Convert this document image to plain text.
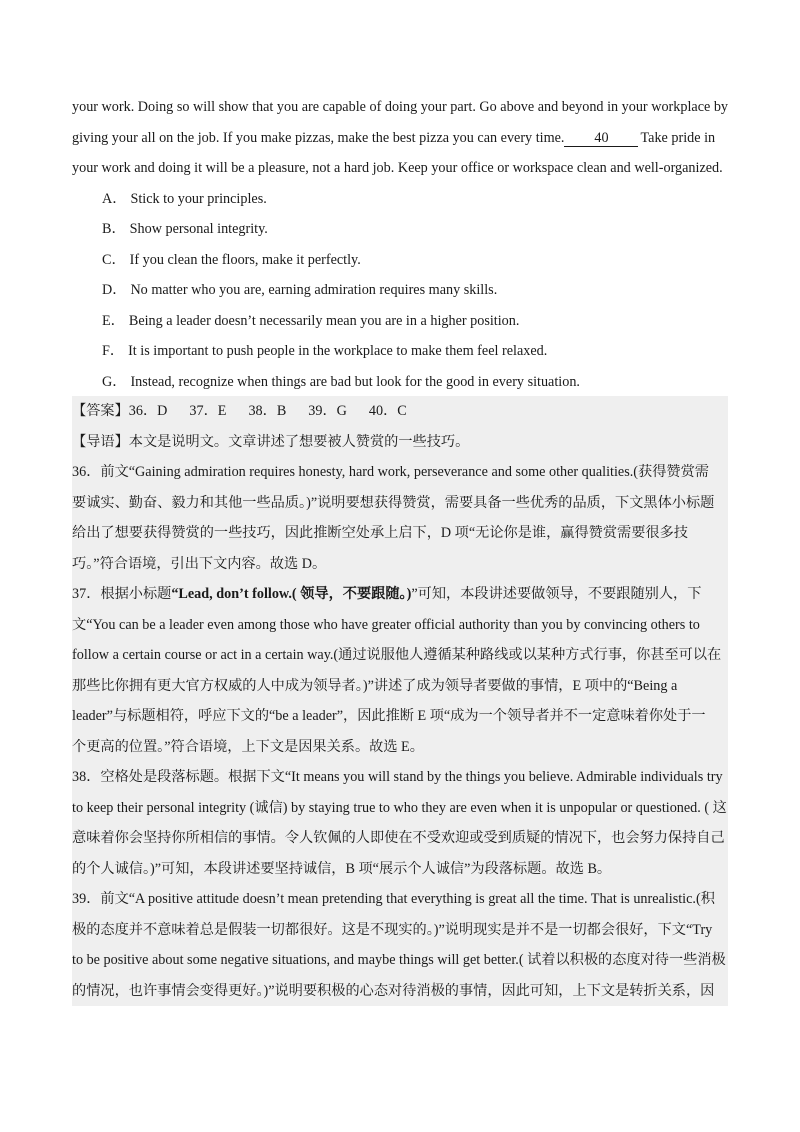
your work. Doing so will show that you are capable of doing your part. Go above and beyond in your workplace by
giving your all on the job. If you make pizzas, make the best pizza you can every time. 40 Take pride in
your work and doing it will be a pleasure, not a hard job. Keep your office or workspace clean and well-organized.
A． Stick to your principles.
B． Show personal integrity.
C． If you clean the floors, make it perfectly.
D． No matter who you are, earning admiration requires many skills.
E． Being a leader doesn’t necessarily mean you are in a higher position.
F． It is important to push people in the workplace to make them feel relaxed.
G． Instead, recognize when things are bad but look for the good in every situation.
【答案】36．D 37．E 38．B 39．G 40．C
【导语】本文是说明文。文章讲述了想要被人赞赏的一些技巧。
36．前文“Gaining admiration requires honesty, hard work, perseverance and some other qualities.(获得赞赏需
要诚实、勤奋、毅力和其他一些品质。)”说明要想获得赞赏，需要具备一些优秀的品质，下文黑体小标题
给出了想要获得赞赏的一些技巧，因此推断空处承上启下，D 项“无论你是谁，赢得赞赏需要很多技
巧。”符合语境，引出下文内容。故选 D。
37．根据小标题“Lead, don’t follow.( 领导，不要跟随。)”可知，本段讲述要做领导，不要跟随别人，下
文“You can be a leader even among those who have greater official authority than you by convincing others to
follow a certain course or act in a certain way.(通过说服他人遵循某种路线或以某种方式行事，你甚至可以在
那些比你拥有更大官方权威的人中成为领导者。)”讲述了成为领导者要做的事情，E 项中的“Being a
leader”与标题相符，呼应下文的“be a leader”，因此推断 E 项“成为一个领导者并不一定意味着你处于一
个更高的位置。”符合语境，上下文是因果关系。故选 E。
38．空格处是段落标题。根据下文“It means you will stand by the things you believe. Admirable individuals try
to keep their personal integrity (诚信) by staying true to who they are even when it is unpopular or questioned. ( 这
意味着你会坚持你所相信的事情。令人钦佩的人即使在不受欢迎或受到质疑的情况下，也会努力保持自己
的个人诚信。)”可知，本段讲述要坚持诚信，B 项“展示个人诚信”为段落标题。故选 B。
39．前文“A positive attitude doesn’t mean pretending that everything is great all the time. That is unrealistic.(积
极的态度并不意味着总是假装一切都很好。这是不现实的。)”说明现实是并不是一切都会很好，下文“Try
to be positive about some negative situations, and maybe things will get better.( 试着以积极的态度对待一些消极
的情况，也许事情会变得更好。)”说明要积极的心态对待消极的事情，因此可知，上下文是转折关系，因
